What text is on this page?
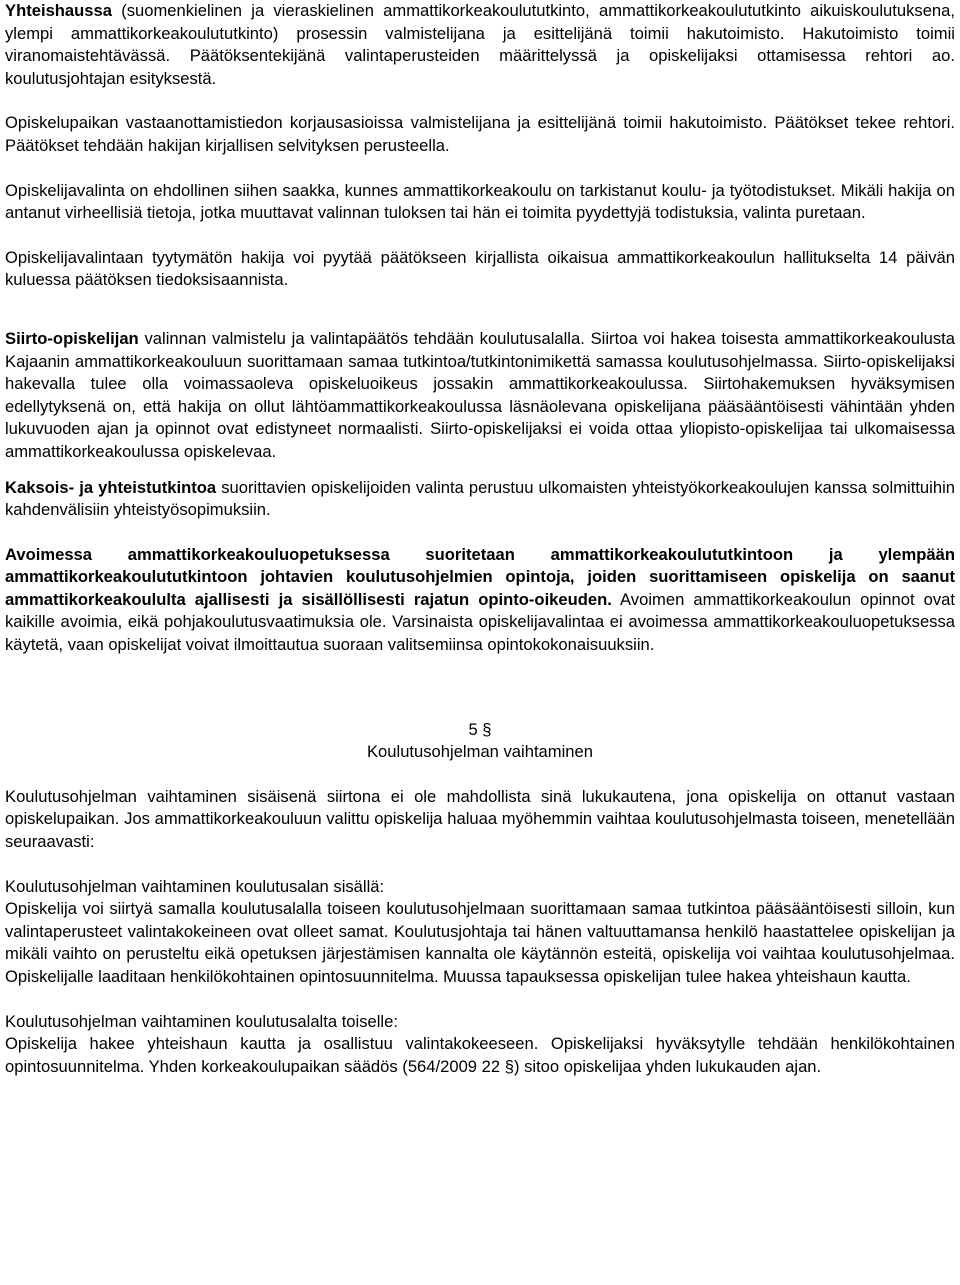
Yhteishaussa (suomenkielinen ja vieraskielinen ammattikorkeakoulututkinto, ammattikorkeakoulututkinto aikuiskoulutuksena, ylempi ammattikorkeakoulututkinto) prosessin valmistelijana ja esittelijänä toimii hakutoimisto. Hakutoimisto toimii viranomaistehtävässä. Päätöksentekijänä valintaperusteiden määrittelyssä ja opiskelijaksi ottamisessa rehtori ao. koulutusjohtajan esityksestä.

Opiskelupaikan vastaanottamistiedon korjausasioissa valmistelijana ja esittelijänä toimii hakutoimisto. Päätökset tekee rehtori. Päätökset tehdään hakijan kirjallisen selvityksen perusteella.

Opiskelijavalinta on ehdollinen siihen saakka, kunnes ammattikorkeakoulu on tarkistanut koulu- ja työtodistukset. Mikäli hakija on antanut virheellisiä tietoja, jotka muuttavat valinnan tuloksen tai hän ei toimita pyydettyjä todistuksia, valinta puretaan.

Opiskelijavalintaan tyytymätön hakija voi pyytää päätökseen kirjallista oikaisua ammattikorkeakoulun hallitukselta 14 päivän kuluessa päätöksen tiedoksisaannista.

Siirto-opiskelijan valinnan valmistelu ja valintapäätös tehdään koulutusalalla. Siirtoa voi hakea toisesta ammattikorkeakoulusta Kajaanin ammattikorkeakouluun suorittamaan samaa tutkintoa/tutkintonimikettä samassa koulutusohjelmassa. Siirto-opiskelijaksi hakevalla tulee olla voimassaoleva opiskeluoikeus jossakin ammattikorkeakoulussa. Siirtohakemuksen hyväksymisen edellytyksenä on, että hakija on ollut lähtöammattikorkeakoulussa läsnäolevana opiskelijana pääsääntöisesti vähintään yhden lukuvuoden ajan ja opinnot ovat edistyneet normaalisti. Siirto-opiskelijaksi ei voida ottaa yliopisto-opiskelijaa tai ulkomaisessa ammattikorkeakoulussa opiskelevaa.

Kaksois- ja yhteistutkintoa suorittavien opiskelijoiden valinta perustuu ulkomaisten yhteistyökorkeakoulujen kanssa solmittuihin kahdenvälisiin yhteistyösopimuksiin.

Avoimessa ammattikorkeakouluopetuksessa suoritetaan ammattikorkeakoulututkintoon ja ylempään ammattikorkeakoulututkintoon johtavien koulutusohjelmien opintoja, joiden suorittamiseen opiskelija on saanut ammattikorkeakoululta ajallisesti ja sisällöllisesti rajatun opinto-oikeuden. Avoimen ammattikorkeakoulun opinnot ovat kaikille avoimia, eikä pohjakoulutusvaatimuksia ole. Varsinaista opiskelijavalintaa ei avoimessa ammattikorkeakouluopetuksessa käytetä, vaan opiskelijat voivat ilmoittautua suoraan valitsemiinsa opintokokonaisuuksiin.

5 §
Koulutusohjelman vaihtaminen

Koulutusohjelman vaihtaminen sisäisenä siirtona ei ole mahdollista sinä lukukautena, jona opiskelija on ottanut vastaan opiskelupaikan. Jos ammattikorkeakouluun valittu opiskelija haluaa myöhemmin vaihtaa koulutusohjelmasta toiseen, menetellään seuraavasti:

Koulutusohjelman vaihtaminen koulutusalan sisällä:
Opiskelija voi siirtyä samalla koulutusalalla toiseen koulutusohjelmaan suorittamaan samaa tutkintoa pääsääntöisesti silloin, kun valintaperusteet valintakokeineen ovat olleet samat. Koulutusjohtaja tai hänen valtuuttamansa henkilö haastattelee opiskelijan ja mikäli vaihto on perusteltu eikä opetuksen järjestämisen kannalta ole käytännön esteitä, opiskelija voi vaihtaa koulutusohjelmaa. Opiskelijalle laaditaan henkilökohtainen opintosuunnitelma. Muussa tapauksessa opiskelijan tulee hakea yhteishaun kautta.

Koulutusohjelman vaihtaminen koulutusalalta toiselle:
Opiskelija hakee yhteishaun kautta ja osallistuu valintakokeeseen. Opiskelijaksi hyväksytylle tehdään henkilökohtainen opintosuunnitelma. Yhden korkeakoulupaikan säädös (564/2009 22 §) sitoo opiskelijaa yhden lukukauden ajan.
